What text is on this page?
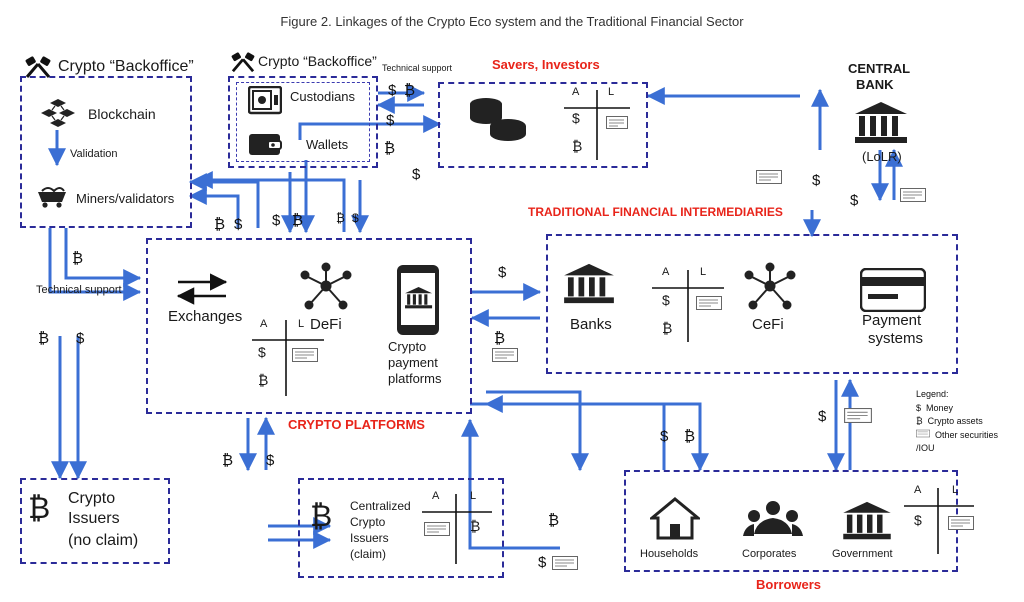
Figure 2. Linkages of the Crypto Eco system and the Traditional Financial Sector
Crypto “Backoffice”
Blockchain
Validation
Miners/validators
Technical support
₿
₿ $
Crypto “Backoffice” Technical support
Custodians
Wallets
$ ₿
$
₿
$
₿ $ $ ₿	₿ $
Savers, Investors
A	L
$
₿
$
$
CENTRAL
BANK
(LoLR)
TRADITIONAL FINANCIAL INTERMEDIARIES
Banks
A	L
$
₿	CeFi	Payment
systems
CRYPTO PLATFORMS
Exchanges	DeFi
Crypto
payment
platforms
A	L
$
₿
$
₿
₿ Crypto
Issuers
(no claim)
₿ Centralized
Crypto
Issuers
(claim)
A	L
₿
₿ $
₿
$
$ ₿
$
Borrowers
Households	Corporates	Government
A	L
$
Legend:
$ Money
₿ Crypto assets
Other securities
/IOU
